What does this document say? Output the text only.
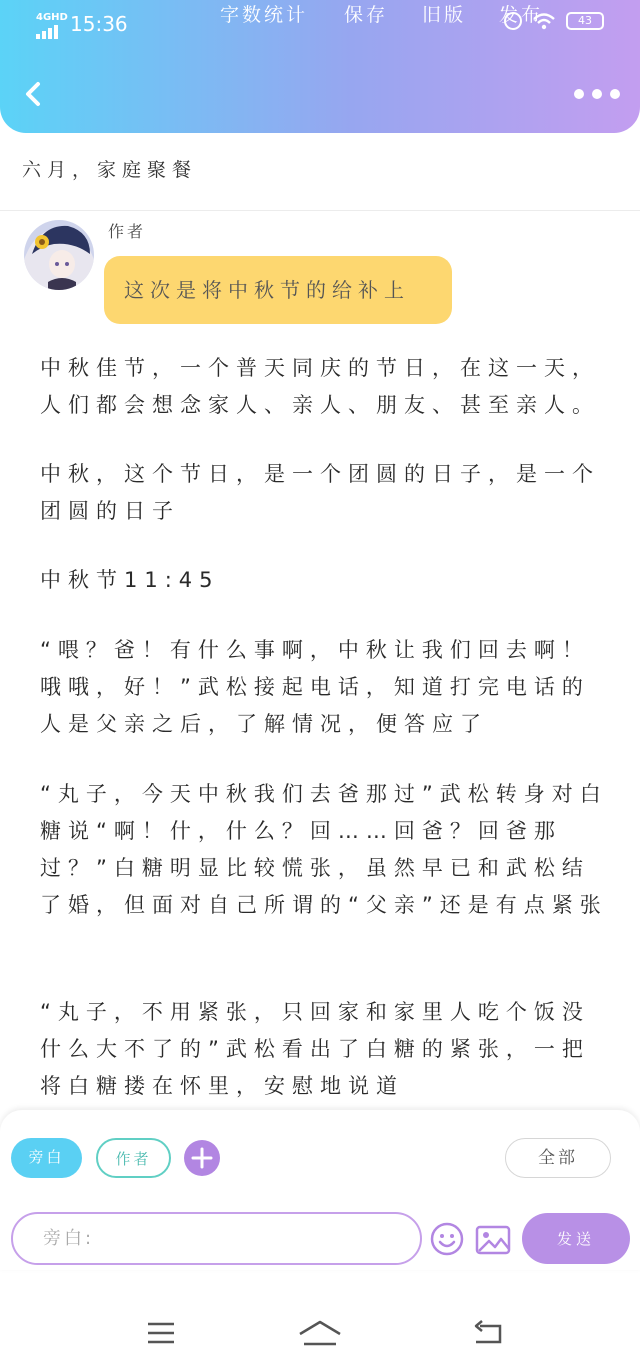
4GHD 15:36	43
字数统计 保存 旧版 发布
六月，家庭聚餐
作者
这次是将中秋节的给补上

中秋佳节，一个普天同庆的节日，在这一天，人们都会想念家人、亲人、朋友、甚至亲人。

中秋，这个节日，是一个团圆的日子，是一个团圆的日子

中秋节11:45

“喂？爸！有什么事啊，中秋让我们回去啊！哦哦，好！”武松接起电话，知道打完电话的人是父亲之后，了解情况，便答应了

“丸子，今天中秋我们去爸那过”武松转身对白糖说“啊！什，什么？回……回爸？回爸那过？”白糖明显比较慌张，虽然早已和武松结了婚，但面对自己所谓的“父亲”还是有点紧张

“丸子，不用紧张，只回家和家里人吃个饭没什么大不了的”武松看出了白糖的紧张，一把将白糖搂在怀里，安慰地说道

旁白	作者	全部
旁白:
发送
